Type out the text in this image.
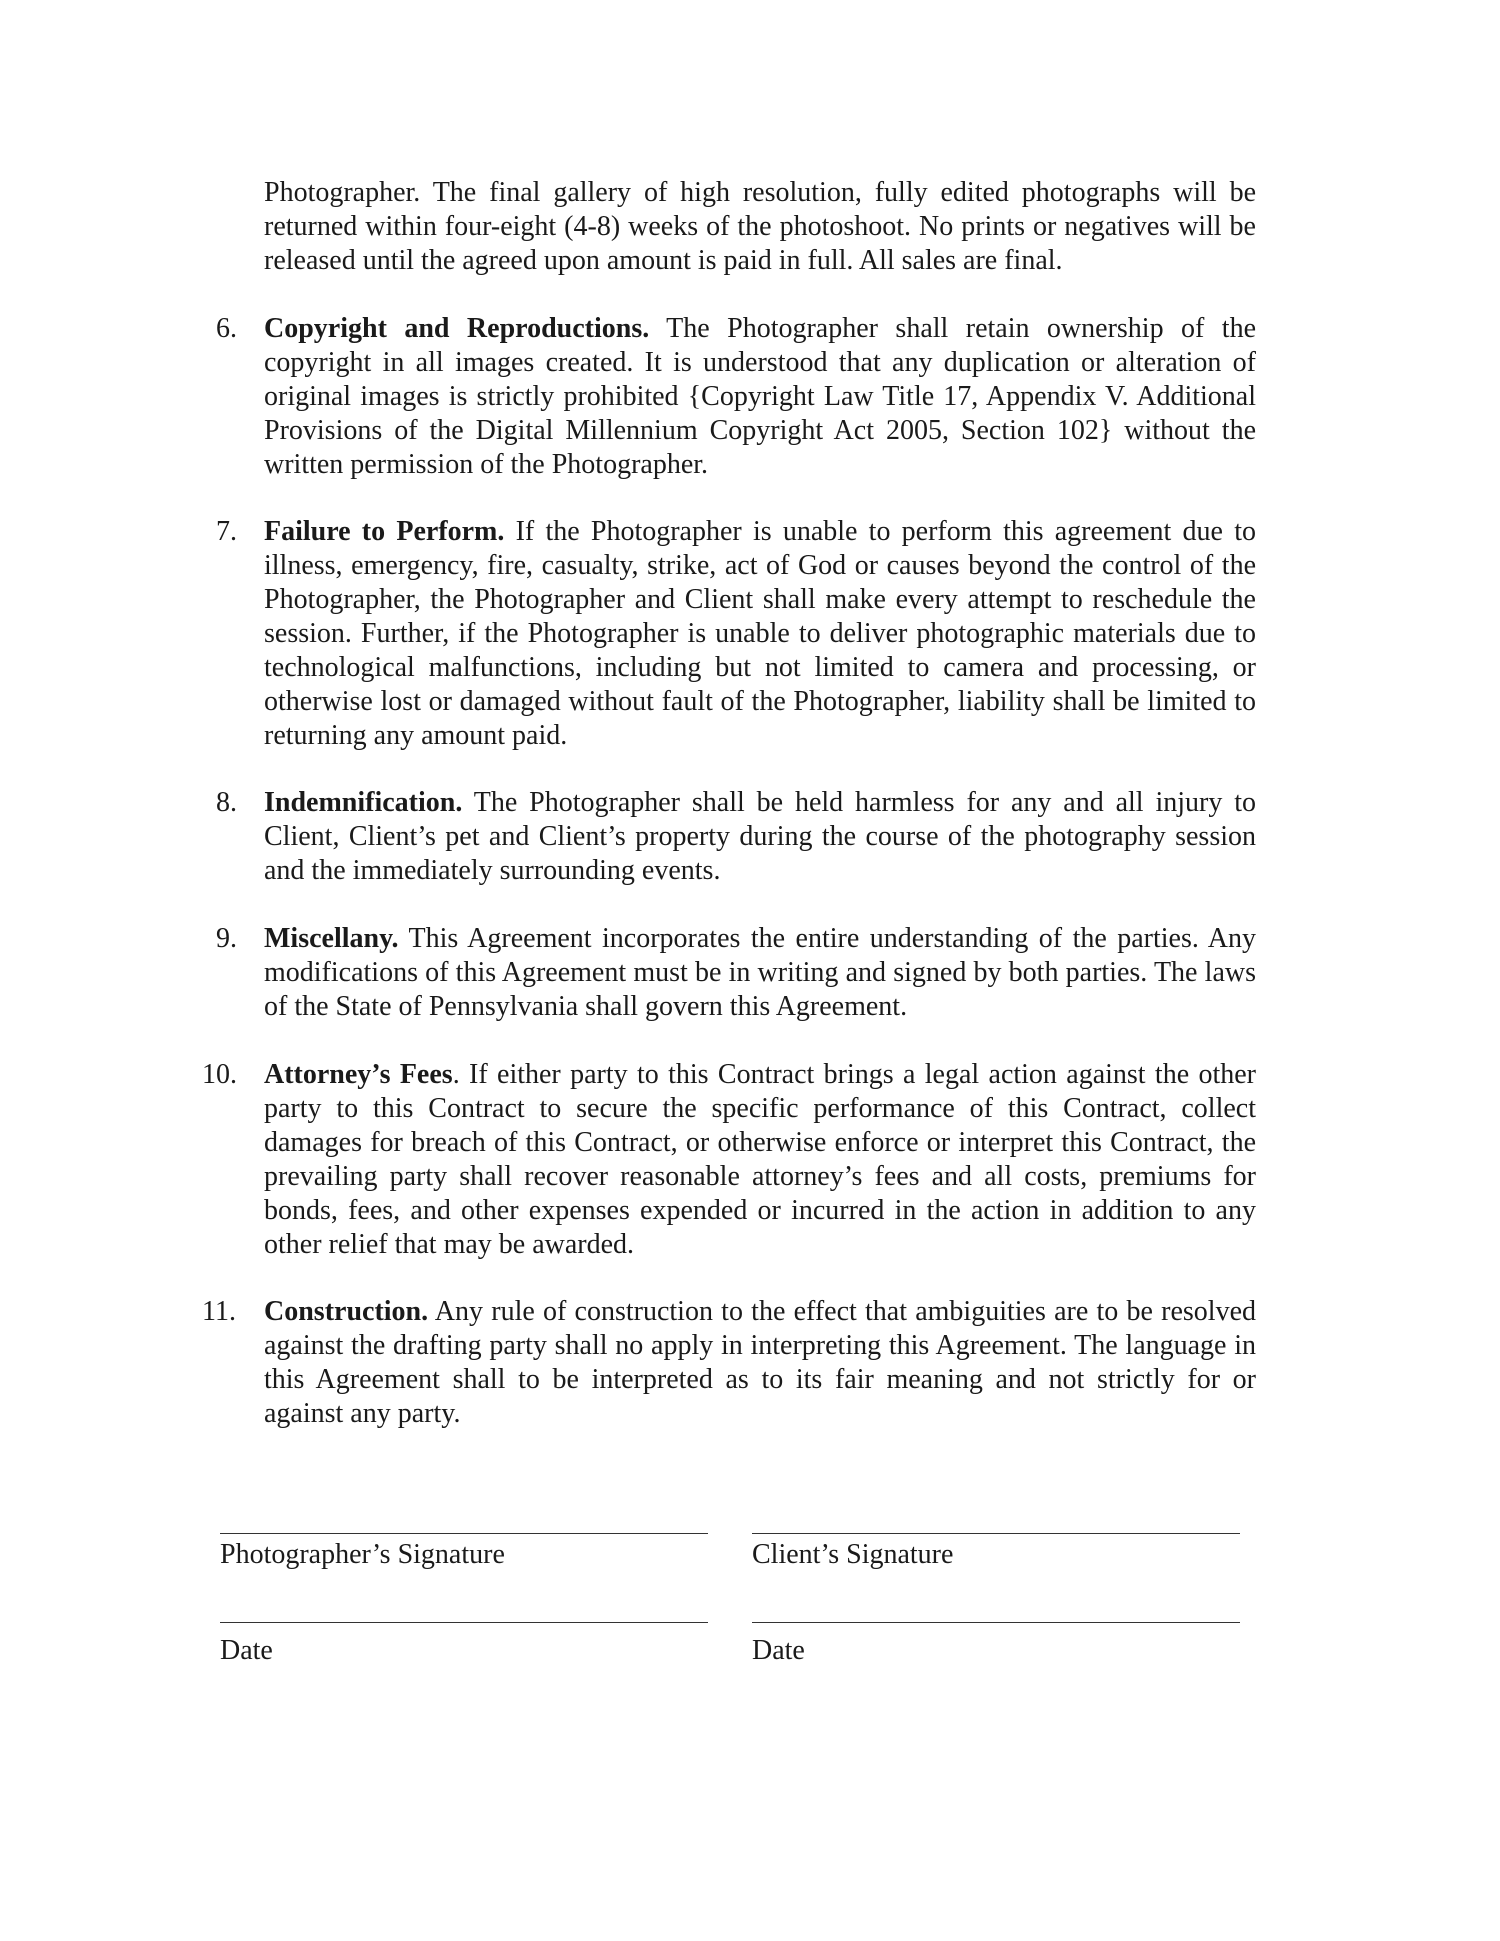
Photographer. The final gallery of high resolution, fully edited photographs will be returned within four-eight (4-8) weeks of the photoshoot. No prints or negatives will be released until the agreed upon amount is paid in full. All sales are final.

6. Copyright and Reproductions. The Photographer shall retain ownership of the copyright in all images created. It is understood that any duplication or alteration of original images is strictly prohibited {Copyright Law Title 17, Appendix V. Additional Provisions of the Digital Millennium Copyright Act 2005, Section 102} without the written permission of the Photographer.

7. Failure to Perform. If the Photographer is unable to perform this agreement due to illness, emergency, fire, casualty, strike, act of God or causes beyond the control of the Photographer, the Photographer and Client shall make every attempt to reschedule the session. Further, if the Photographer is unable to deliver photographic materials due to technological malfunctions, including but not limited to camera and processing, or otherwise lost or damaged without fault of the Photographer, liability shall be limited to returning any amount paid.

8. Indemnification. The Photographer shall be held harmless for any and all injury to Client, Client’s pet and Client’s property during the course of the photography session and the immediately surrounding events.

9. Miscellany. This Agreement incorporates the entire understanding of the parties. Any modifications of this Agreement must be in writing and signed by both parties. The laws of the State of Pennsylvania shall govern this Agreement.

10. Attorney’s Fees. If either party to this Contract brings a legal action against the other party to this Contract to secure the specific performance of this Contract, collect damages for breach of this Contract, or otherwise enforce or interpret this Contract, the prevailing party shall recover reasonable attorney’s fees and all costs, premiums for bonds, fees, and other expenses expended or incurred in the action in addition to any other relief that may be awarded.

11. Construction. Any rule of construction to the effect that ambiguities are to be resolved against the drafting party shall no apply in interpreting this Agreement. The language in this Agreement shall to be interpreted as to its fair meaning and not strictly for or against any party.

Photographer’s Signature	Client’s Signature
Date	Date
